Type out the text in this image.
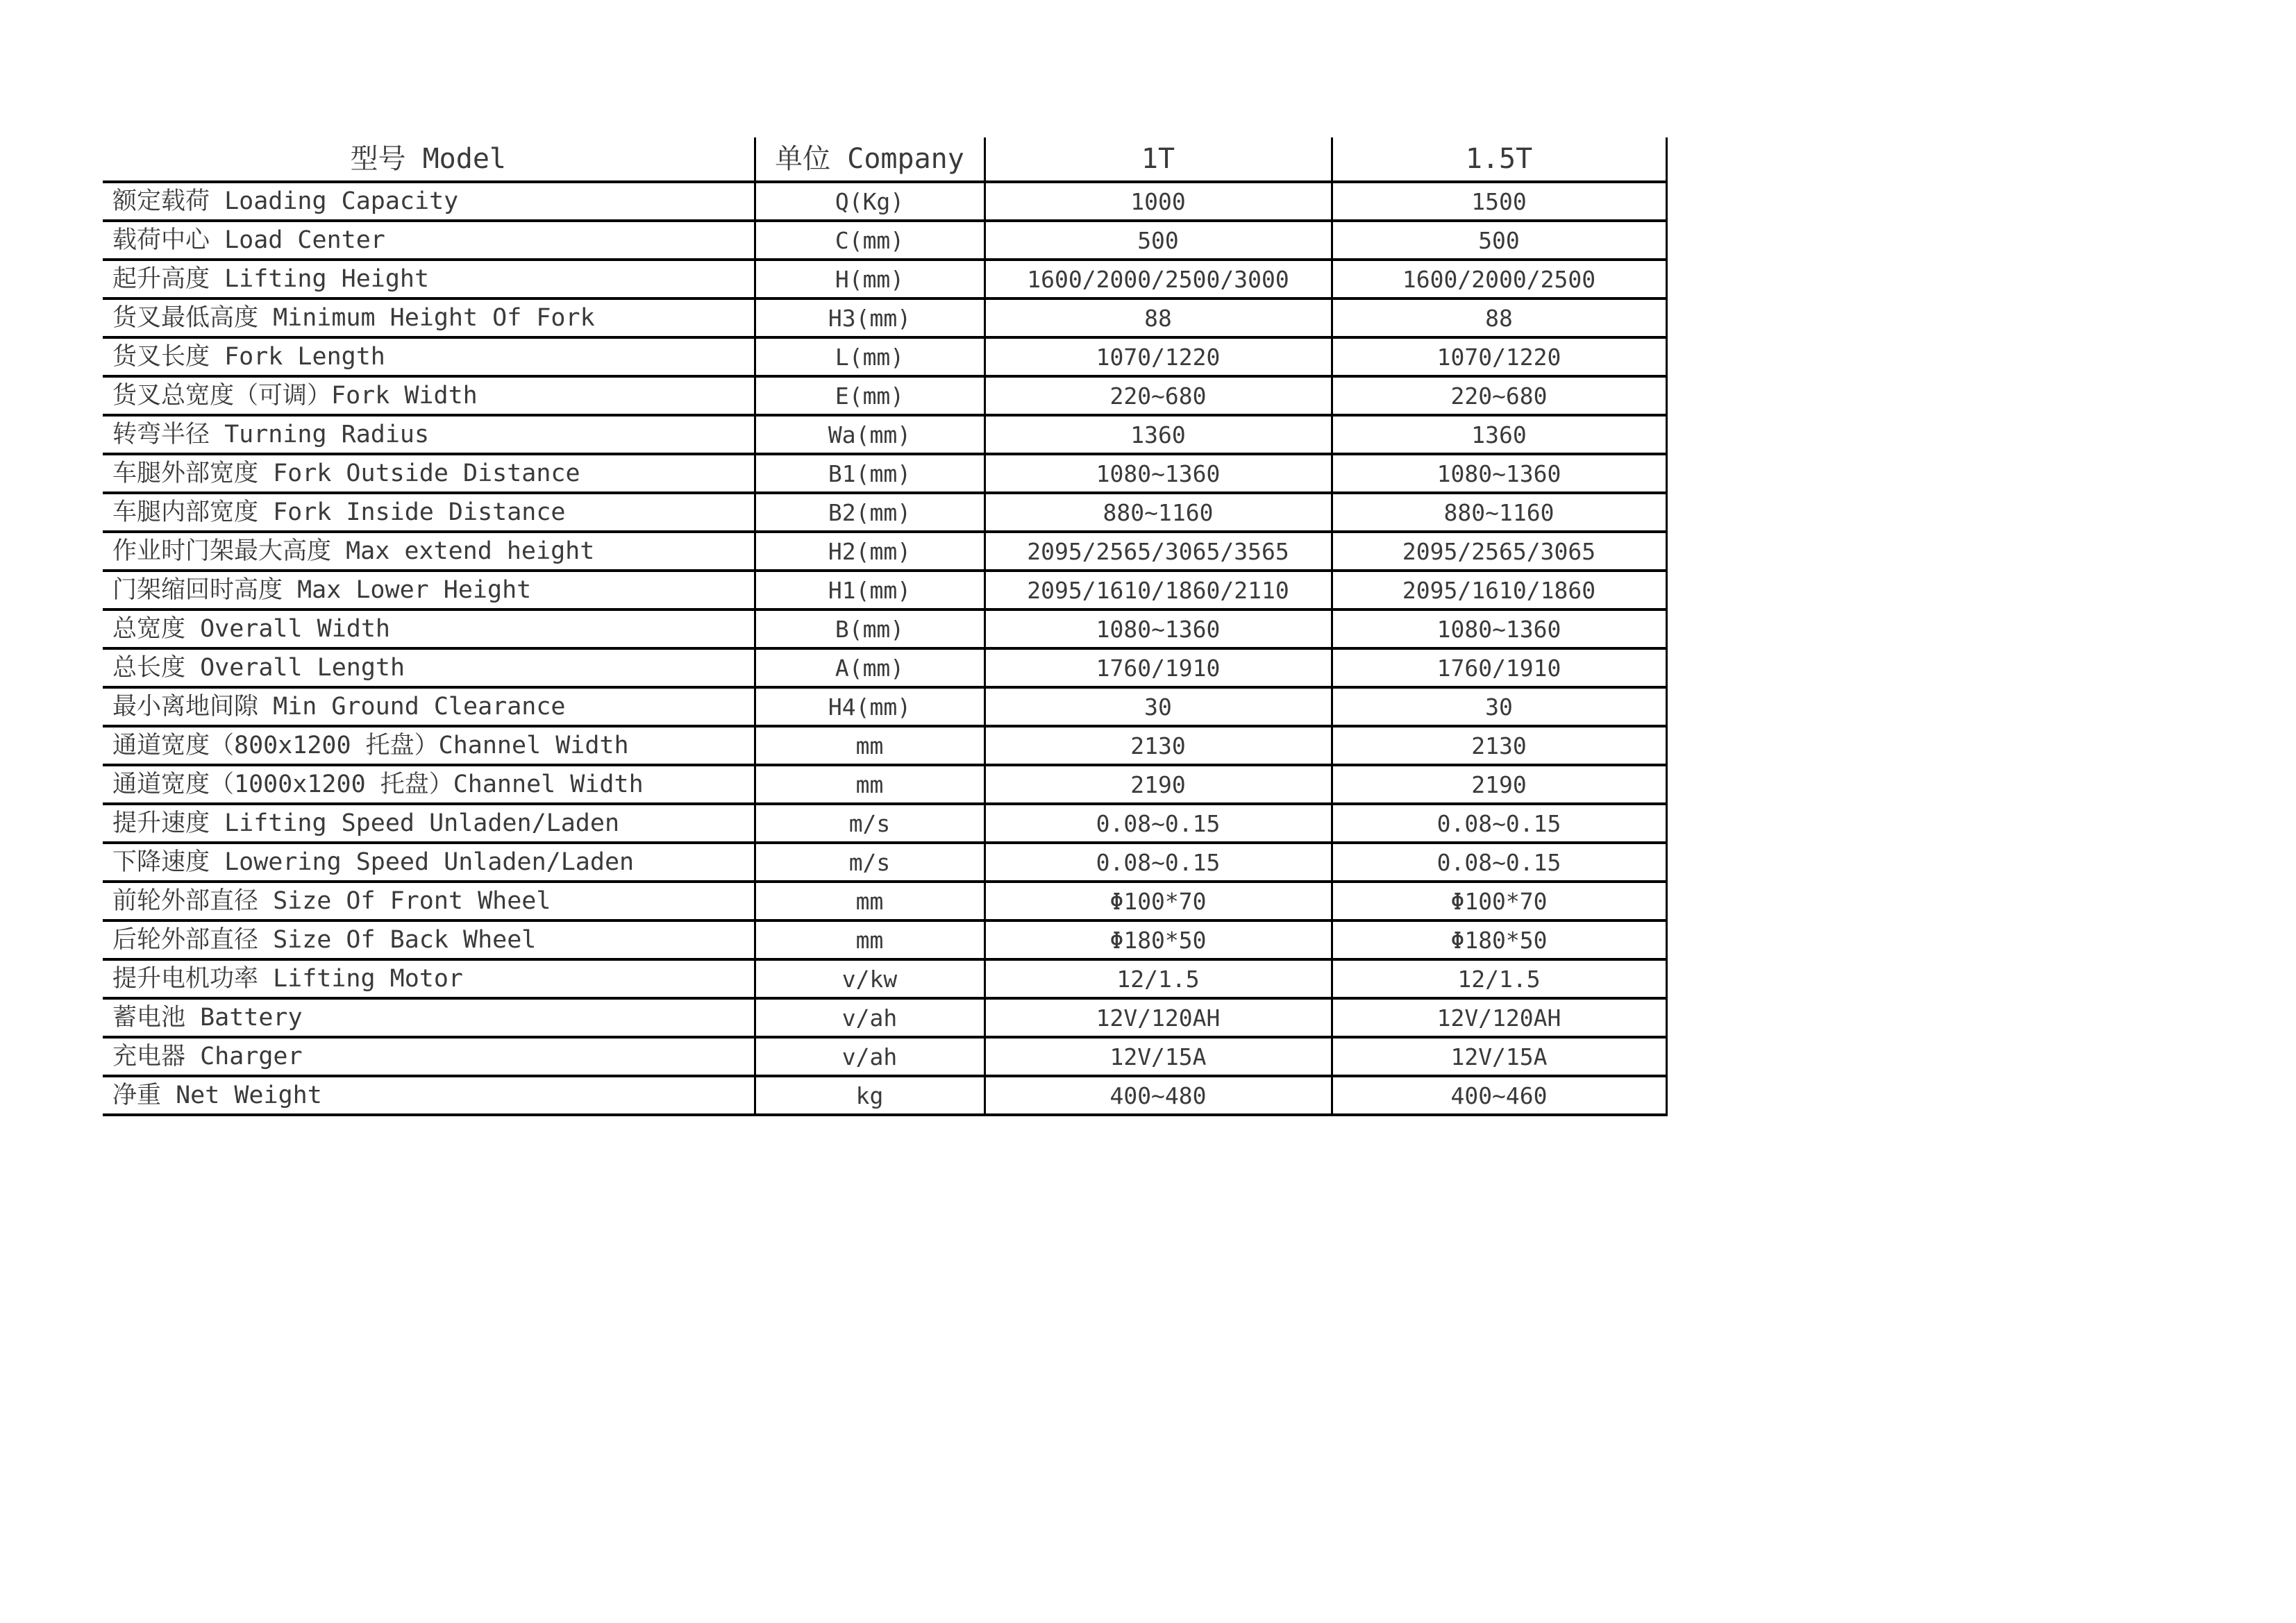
型号 Model	单位 Company	1T	1.5T
额定载荷 Loading Capacity	Q(Kg)	1000	1500
载荷中心 Load Center	C(mm)	500	500
起升高度 Lifting Height	H(mm)	1600/2000/2500/3000	1600/2000/2500
货叉最低高度 Minimum Height Of Fork	H3(mm)	88	88
货叉长度 Fork Length	L(mm)	1070/1220	1070/1220
货叉总宽度（可调）Fork Width	E(mm)	220~680	220~680
转弯半径 Turning Radius	Wa(mm)	1360	1360
车腿外部宽度 Fork Outside Distance	B1(mm)	1080~1360	1080~1360
车腿内部宽度 Fork Inside Distance	B2(mm)	880~1160	880~1160
作业时门架最大高度 Max extend height	H2(mm)	2095/2565/3065/3565	2095/2565/3065
门架缩回时高度 Max Lower Height	H1(mm)	2095/1610/1860/2110	2095/1610/1860
总宽度 Overall Width	B(mm)	1080~1360	1080~1360
总长度 Overall Length	A(mm)	1760/1910	1760/1910
最小离地间隙 Min Ground Clearance	H4(mm)	30	30
通道宽度（800x1200 托盘）Channel Width	mm	2130	2130
通道宽度（1000x1200 托盘）Channel Width	mm	2190	2190
提升速度 Lifting Speed Unladen/Laden	m/s	0.08~0.15	0.08~0.15
下降速度 Lowering Speed Unladen/Laden	m/s	0.08~0.15	0.08~0.15
前轮外部直径 Size Of Front Wheel	mm	Φ100*70	Φ100*70
后轮外部直径 Size Of Back Wheel	mm	Φ180*50	Φ180*50
提升电机功率 Lifting Motor	v/kw	12/1.5	12/1.5
蓄电池 Battery	v/ah	12V/120AH	12V/120AH
充电器 Charger	v/ah	12V/15A	12V/15A
净重 Net Weight	kg	400~480	400~460
